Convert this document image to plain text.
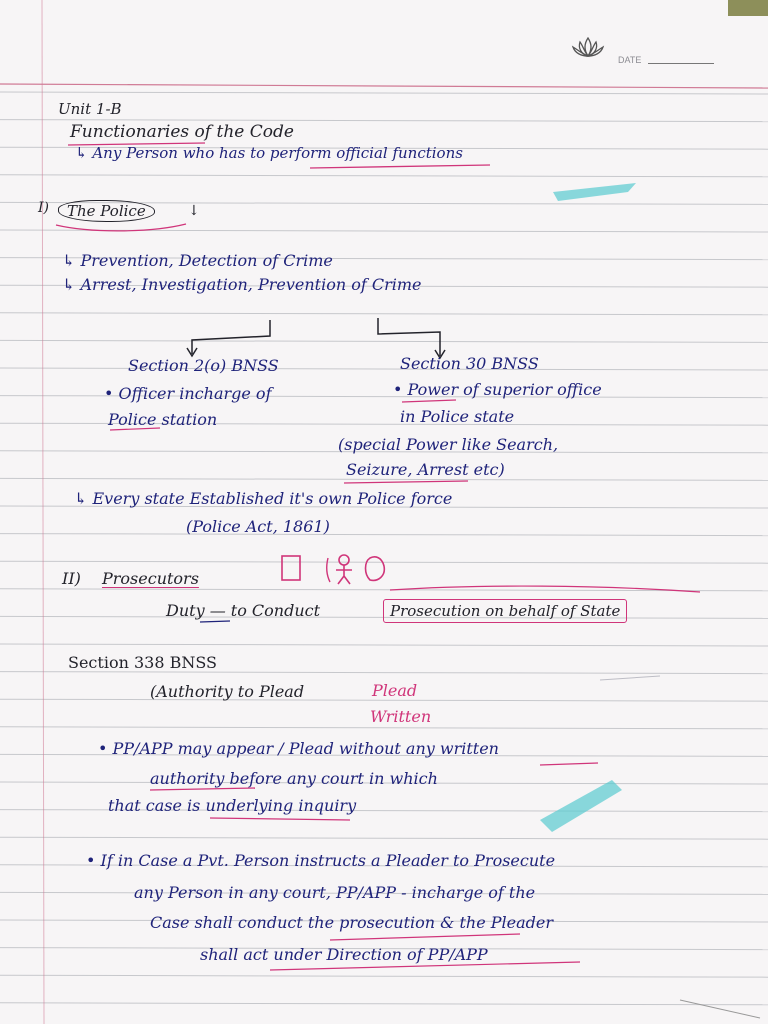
DATE
Unit 1-B
Functionaries of the Code
↳ Any Person who has to perform official functions
I)	The Police	↓
↳ Prevention, Detection of Crime
↳ Arrest, Investigation, Prevention of Crime
Section 2(o) BNSS
• Officer incharge of
Police station
Section 30 BNSS
• Power of superior office
in Police state
(special Power like Search,
Seizure, Arrest etc)
↳ Every state Established it's own Police force
(Police Act, 1861)
II) Prosecutors
Duty — to Conduct	Prosecution on behalf of State
Section 338 BNSS
(Authority to Plead	Plead
Written
• PP/APP may appear / Plead without any written
authority before any court in which
that case is underlying inquiry
• If in Case a Pvt. Person instructs a Pleader to Prosecute
any Person in any court, PP/APP - incharge of the
Case shall conduct the prosecution & the Pleader
shall act under Direction of PP/APP
